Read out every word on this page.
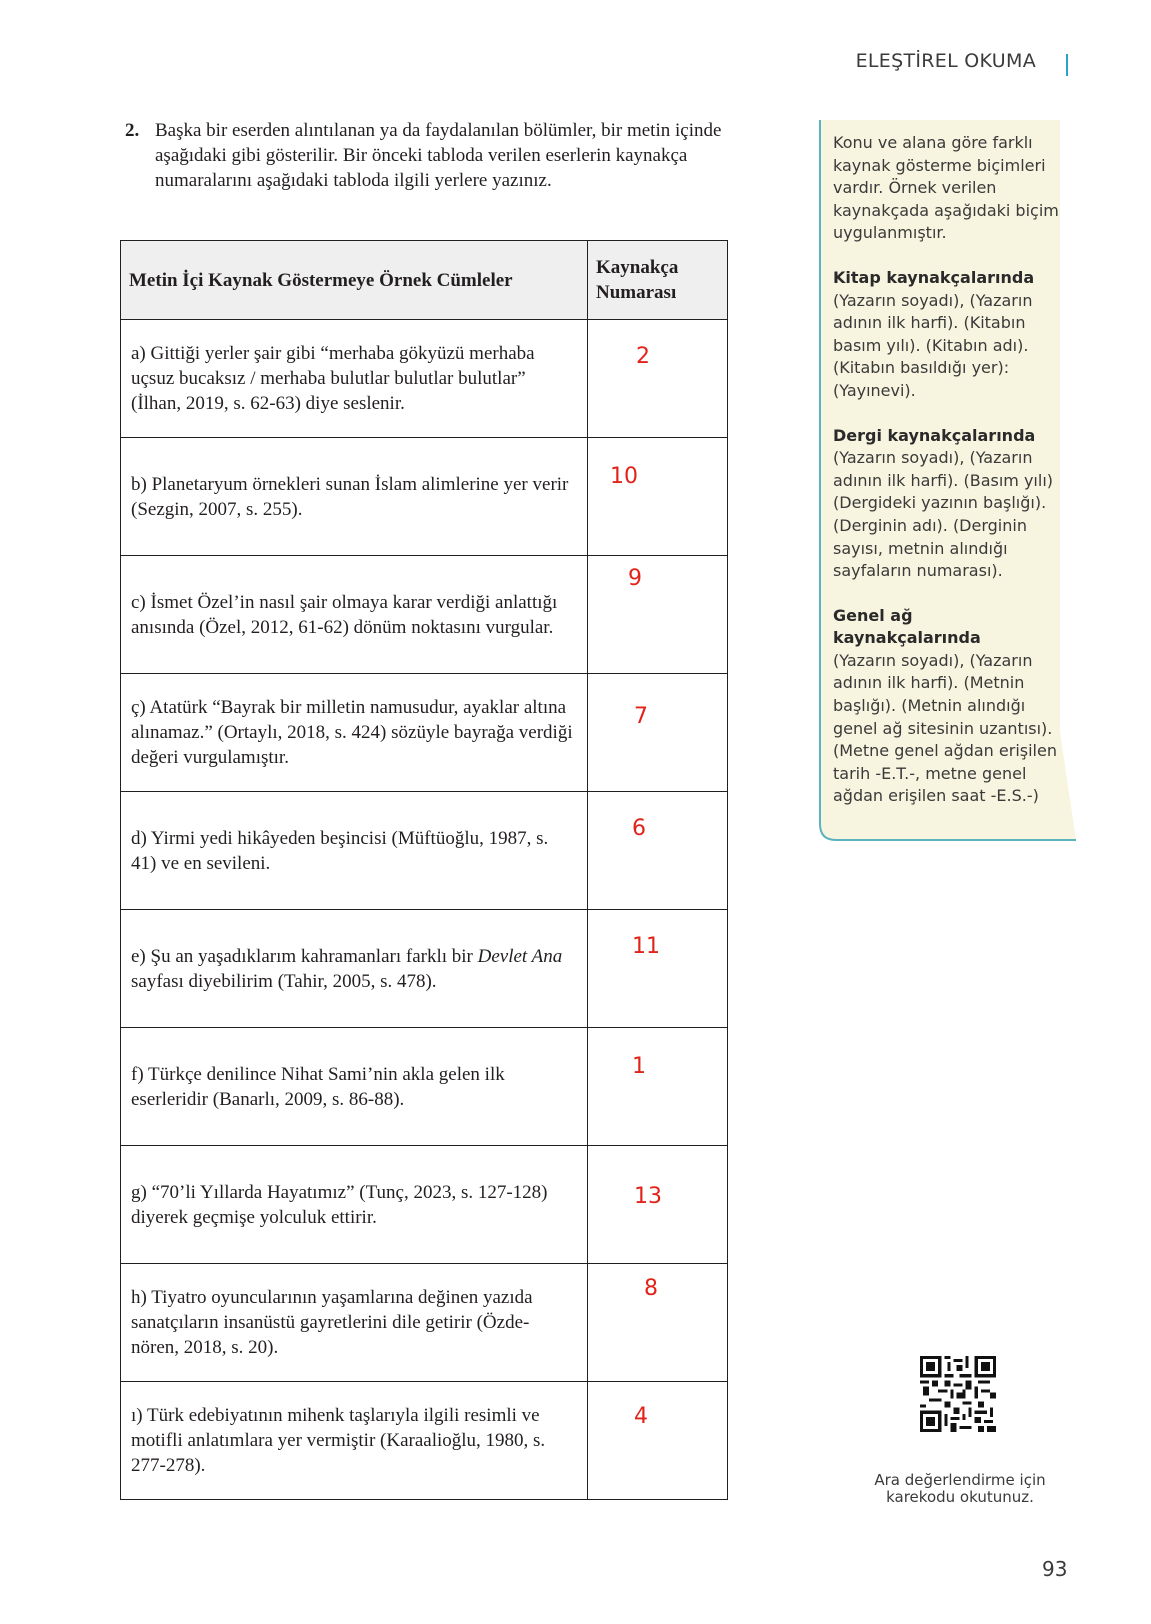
ELEŞTİREL OKUMA
2. Başka bir eserden alıntılanan ya da faydalanılan bölümler, bir metin içinde aşağıdaki gibi gösterilir. Bir önceki tabloda verilen eserlerin kaynakça numaralarını aşağıdaki tabloda ilgili yerlere yazınız.
Metin İçi Kaynak Göstermeye Örnek Cümleler	Kaynakça Numarası
a) Gittiği yerler şair gibi “merhaba gökyüzü merhaba uçsuz bucaksız / merhaba bulutlar bulutlar bulutlar” (İlhan, 2019, s. 62-63) diye seslenir.	2

b) Planetaryum örnekleri sunan İslam alimlerine yer verir (Sezgin, 2007, s. 255).	10

c) İsmet Özel’in nasıl şair olmaya karar verdiği anlattığı anısında (Özel, 2012, 61-62) dönüm noktasını vurgular.	9

ç) Atatürk “Bayrak bir milletin namusudur, ayaklar altına alınamaz.” (Ortaylı, 2018, s. 424) sözüyle bayrağa verdiği değeri vurgulamıştır.	7

d) Yirmi yedi hikâyeden beşincisi (Müftüoğlu, 1987, s. 41) ve en sevileni.	6

e) Şu an yaşadıklarım kahramanları farklı bir Devlet Ana sayfası diyebilirim (Tahir, 2005, s. 478).	11

f) Türkçe denilince Nihat Sami’nin akla gelen ilk eserleridir (Banarlı, 2009, s. 86-88).	1

g) “70’li Yıllarda Hayatımız” (Tunç, 2023, s. 127-128) diyerek geçmişe yolculuk ettirir.	13

h) Tiyatro oyuncularının yaşamlarına değinen yazıda sanatçıların insanüstü gayretlerini dile getirir (Özde-nören, 2018, s. 20).	8

ı) Türk edebiyatının mihenk taşlarıyla ilgili resimli ve motifli anlatımlara yer vermiştir (Karaalioğlu, 1980, s. 277-278).	4

Konu ve alana göre farklı kaynak gösterme biçimleri vardır. Örnek verilen kaynakçada aşağıdaki biçim uygulanmıştır.

Kitap kaynakçalarında
(Yazarın soyadı), (Yazarın adının ilk harfi). (Kitabın basım yılı). (Kitabın adı). (Kitabın basıldığı yer): (Yayınevi).

Dergi kaynakçalarında
(Yazarın soyadı), (Yazarın adının ilk harfi). (Basım yılı) (Dergideki yazının başlığı). (Derginin adı). (Derginin sayısı, metnin alındığı sayfaların numarası).

Genel ağ kaynakçalarında
(Yazarın soyadı), (Yazarın adının ilk harfi). (Metnin başlığı). (Metnin alındığı genel ağ sitesinin uzantısı). (Metne genel ağdan erişilen tarih -E.T.-, metne genel ağdan erişilen saat -E.S.-)

Ara değerlendirme için karekodu okutunuz.
93
